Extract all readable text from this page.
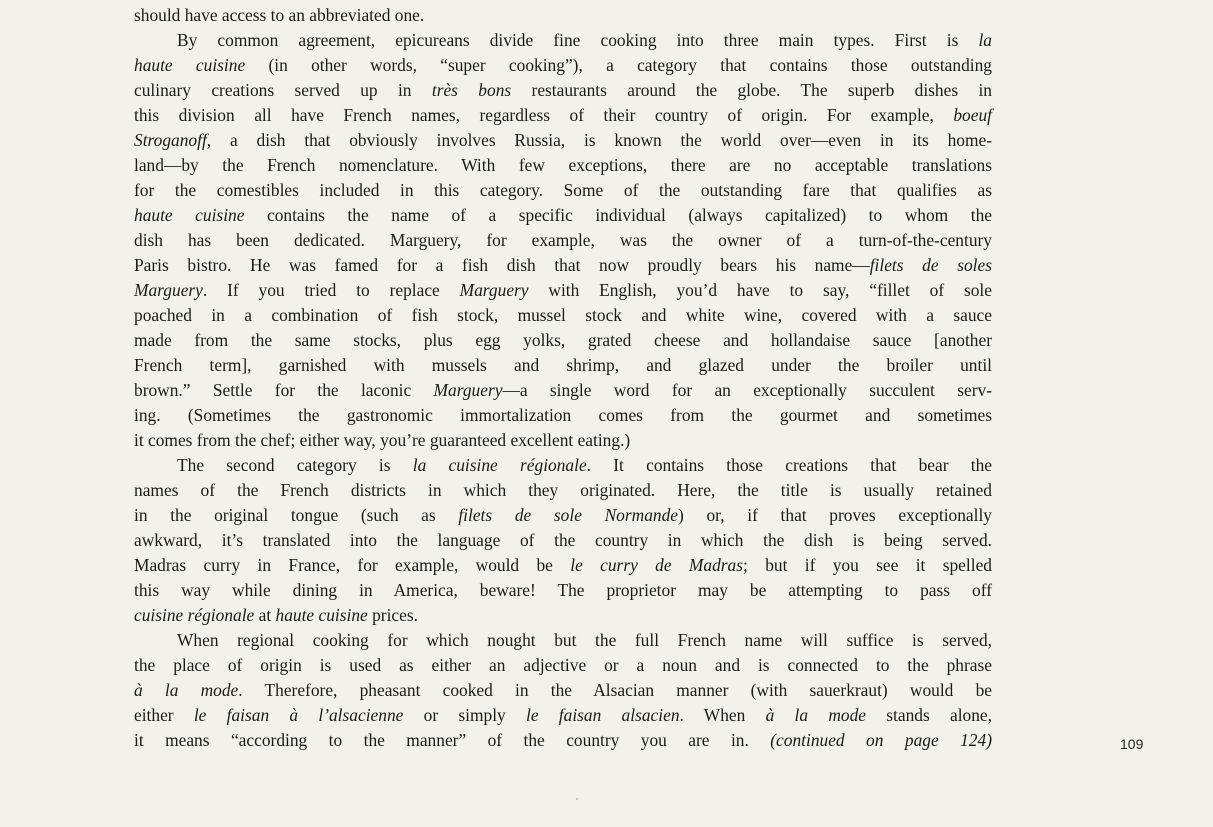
should have access to an abbreviated one.
By common agreement, epicureans divide fine cooking into three main types. First is la
haute cuisine (in other words, “super cooking”), a category that contains those outstanding
culinary creations served up in très bons restaurants around the globe. The superb dishes in
this division all have French names, regardless of their country of origin. For example, boeuf
Stroganoff, a dish that obviously involves Russia, is known the world over—even in its home-
land—by the French nomenclature. With few exceptions, there are no acceptable translations
for the comestibles included in this category. Some of the outstanding fare that qualifies as
haute cuisine contains the name of a specific individual (always capitalized) to whom the
dish has been dedicated. Marguery, for example, was the owner of a turn-of-the-century
Paris bistro. He was famed for a fish dish that now proudly bears his name—filets de soles
Marguery. If you tried to replace Marguery with English, you’d have to say, “fillet of sole
poached in a combination of fish stock, mussel stock and white wine, covered with a sauce
made from the same stocks, plus egg yolks, grated cheese and hollandaise sauce [another
French term], garnished with mussels and shrimp, and glazed under the broiler until
brown.” Settle for the laconic Marguery—a single word for an exceptionally succulent serv-
ing. (Sometimes the gastronomic immortalization comes from the gourmet and sometimes
it comes from the chef; either way, you’re guaranteed excellent eating.)
The second category is la cuisine régionale. It contains those creations that bear the
names of the French districts in which they originated. Here, the title is usually retained
in the original tongue (such as filets de sole Normande) or, if that proves exceptionally
awkward, it’s translated into the language of the country in which the dish is being served.
Madras curry in France, for example, would be le curry de Madras; but if you see it spelled
this way while dining in America, beware! The proprietor may be attempting to pass off
cuisine régionale at haute cuisine prices.
When regional cooking for which nought but the full French name will suffice is served,
the place of origin is used as either an adjective or a noun and is connected to the phrase
à la mode. Therefore, pheasant cooked in the Alsacian manner (with sauerkraut) would be
either le faisan à l’alsacienne or simply le faisan alsacien. When à la mode stands alone,
it means “according to the manner” of the country you are in. (continued on page 124)	109
